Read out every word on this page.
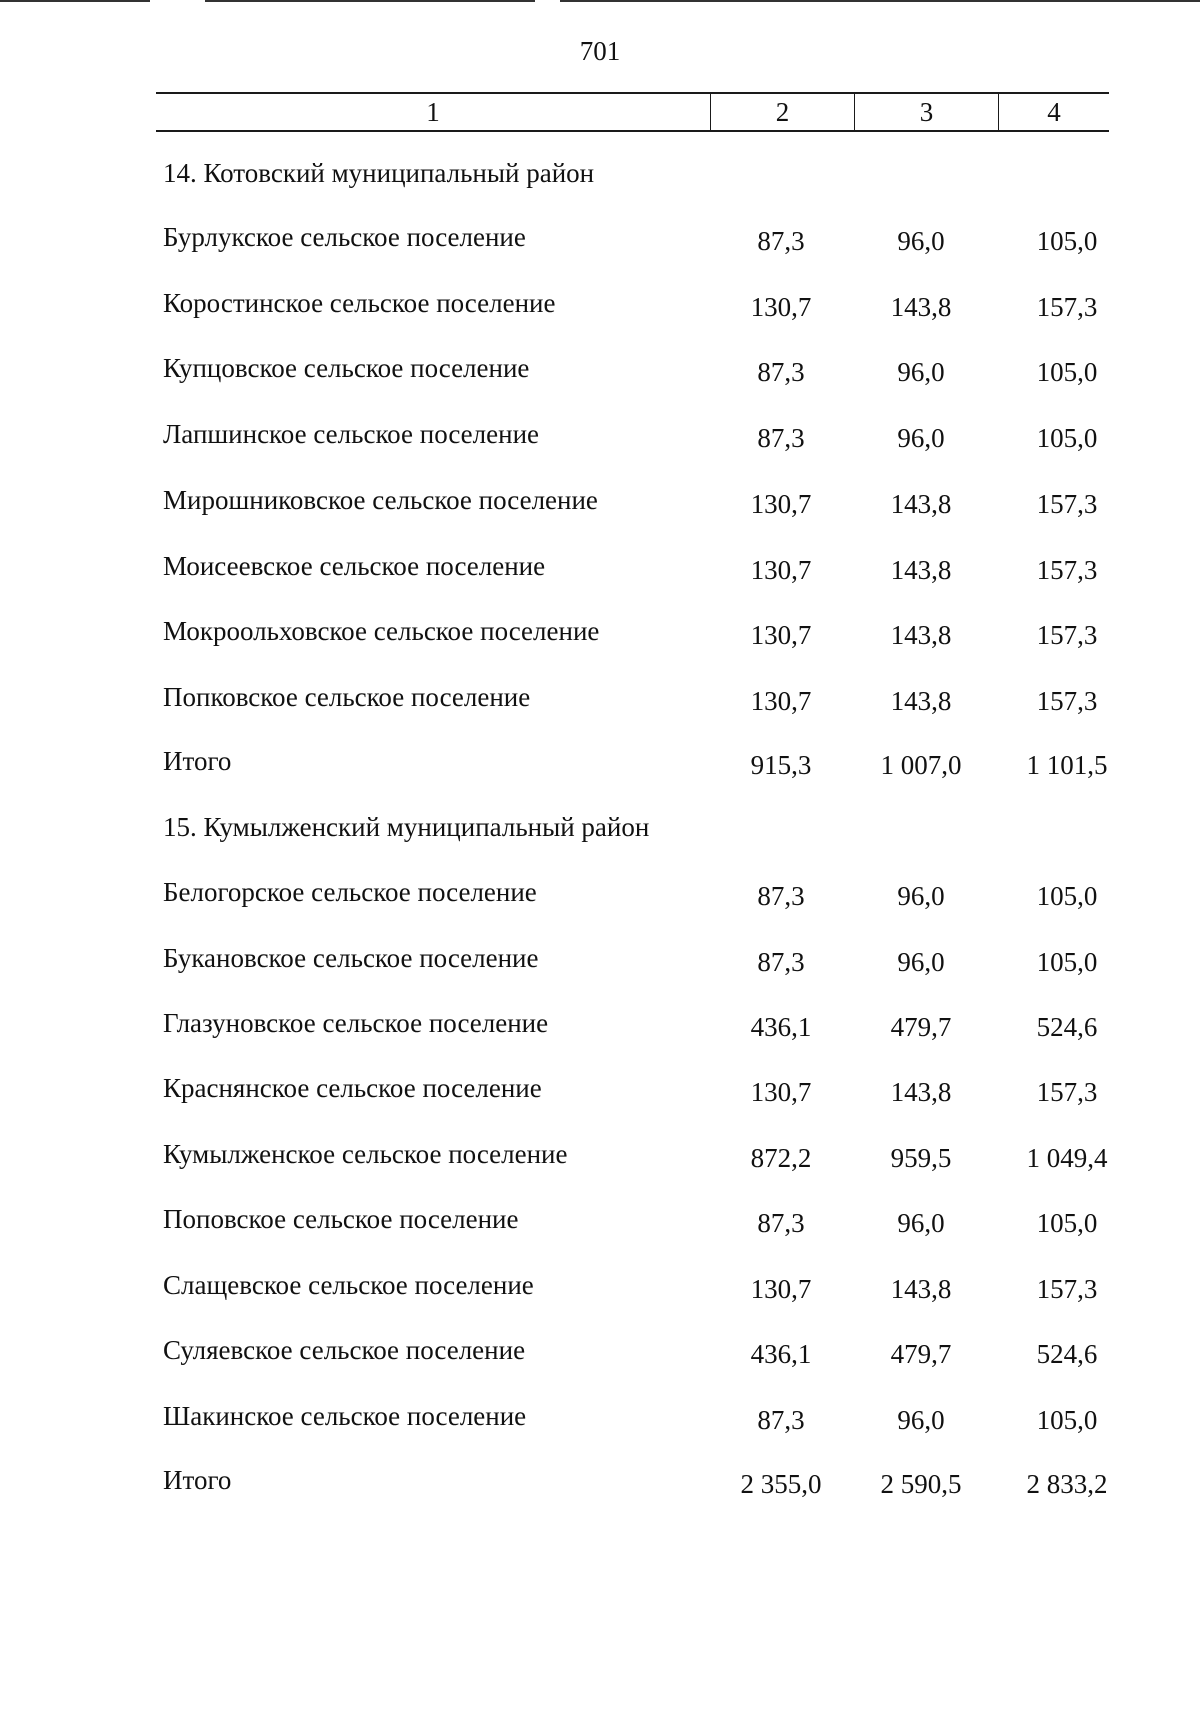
701
1	2	3	4
14. Котовский муниципальный район
Бурлукское сельское поселение	87,3	96,0	105,0
Коростинское сельское поселение	130,7	143,8	157,3
Купцовское сельское поселение	87,3	96,0	105,0
Лапшинское сельское поселение	87,3	96,0	105,0
Мирошниковское сельское поселение	130,7	143,8	157,3
Моисеевское сельское поселение	130,7	143,8	157,3
Мокроольховское сельское поселение	130,7	143,8	157,3
Попковское сельское поселение	130,7	143,8	157,3
Итого	915,3	1 007,0	1 101,5
15. Кумылженский муниципальный район
Белогорское сельское поселение	87,3	96,0	105,0
Букановское сельское поселение	87,3	96,0	105,0
Глазуновское сельское поселение	436,1	479,7	524,6
Краснянское сельское поселение	130,7	143,8	157,3
Кумылженское сельское поселение	872,2	959,5	1 049,4
Поповское сельское поселение	87,3	96,0	105,0
Слащевское сельское поселение	130,7	143,8	157,3
Суляевское сельское поселение	436,1	479,7	524,6
Шакинское сельское поселение	87,3	96,0	105,0
Итого	2 355,0	2 590,5	2 833,2
